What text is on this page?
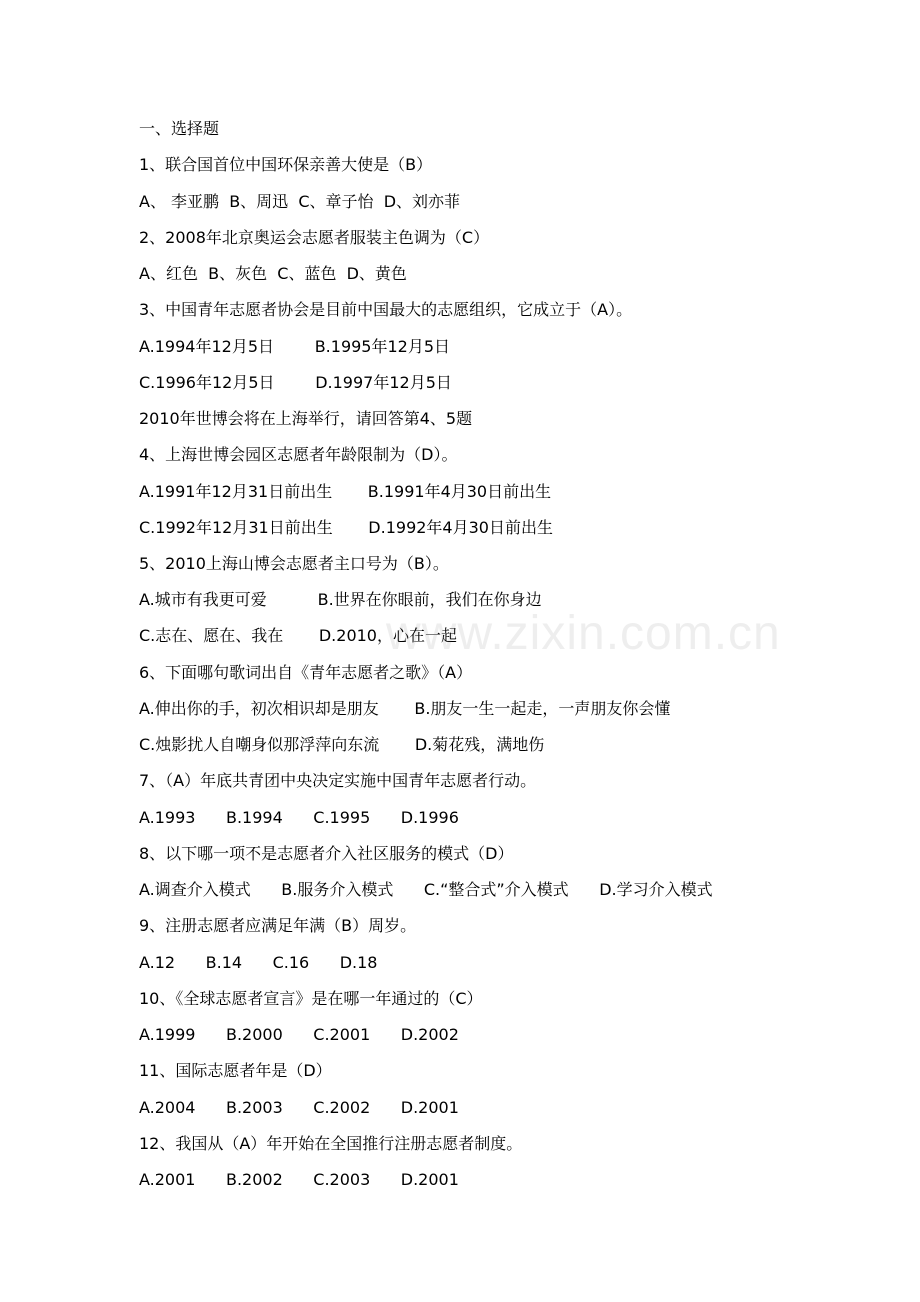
一、选择题

1、联合国首位中国环保亲善大使是（B）

A、 李亚鹏  B、周迅  C、章子怡  D、刘亦菲

2、2008年北京奥运会志愿者服装主色调为（C）

A、红色  B、灰色  C、蓝色  D、黄色

3、中国青年志愿者协会是目前中国最大的志愿组织，它成立于（A）。

A.1994年12月5日        B.1995年12月5日

C.1996年12月5日        D.1997年12月5日

2010年世博会将在上海举行，请回答第4、5题

4、上海世博会园区志愿者年龄限制为（D）。

A.1991年12月31日前出生       B.1991年4月30日前出生

C.1992年12月31日前出生       D.1992年4月30日前出生

5、2010上海山博会志愿者主口号为（B）。

A.城市有我更可爱          B.世界在你眼前，我们在你身边

C.志在、愿在、我在       D.2010，心在一起

6、下面哪句歌词出自《青年志愿者之歌》（A）

A.伸出你的手，初次相识却是朋友       B.朋友一生一起走，一声朋友你会懂

C.烛影扰人自嘲身似那浮萍向东流       D.菊花残，满地伤

7、（A）年底共青团中央决定实施中国青年志愿者行动。

A.1993      B.1994      C.1995      D.1996

8、以下哪一项不是志愿者介入社区服务的模式（D）

A.调查介入模式      B.服务介入模式      C.“整合式”介入模式      D.学习介入模式

9、注册志愿者应满足年满（B）周岁。

A.12      B.14      C.16      D.18

10、《全球志愿者宣言》是在哪一年通过的（C）

A.1999      B.2000      C.2001      D.2002

11、国际志愿者年是（D）

A.2004      B.2003      C.2002      D.2001

12、我国从（A）年开始在全国推行注册志愿者制度。

A.2001      B.2002      C.2003      D.2001

www.zixin.com.cn
